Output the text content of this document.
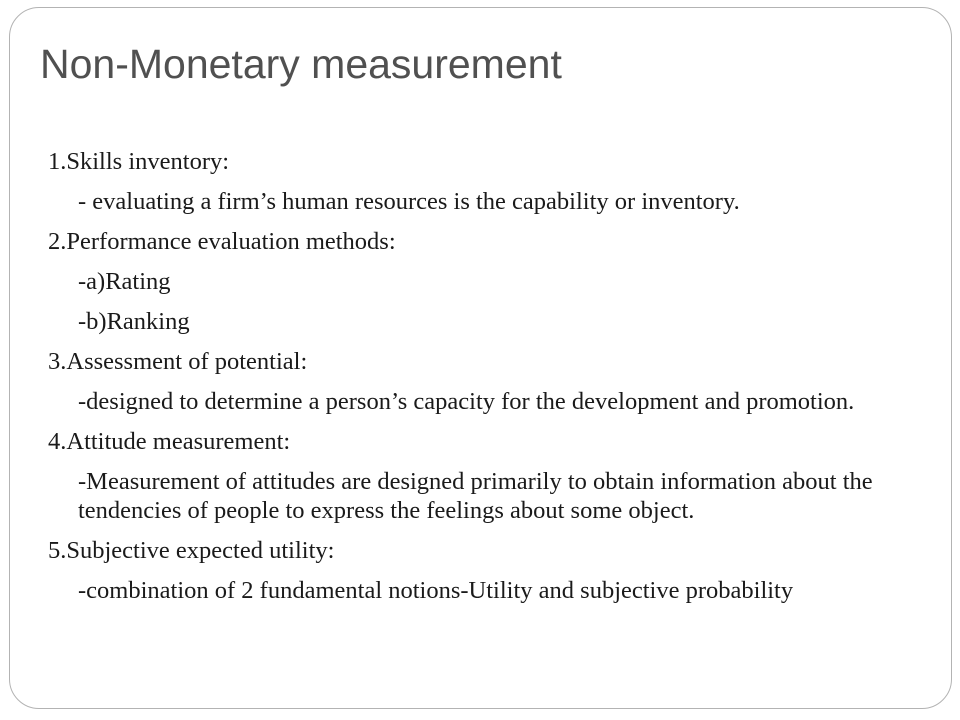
Non-Monetary measurement

1.Skills inventory:

- evaluating a firm’s human resources is the capability or inventory.

2.Performance evaluation methods:

-a)Rating

-b)Ranking

3.Assessment of potential:

-designed to determine a person’s capacity for the development and promotion.

4.Attitude measurement:

-Measurement of attitudes are designed primarily to obtain information about the tendencies of people to express the feelings about some object.

5.Subjective expected utility:

-combination of 2 fundamental notions-Utility and subjective probability
